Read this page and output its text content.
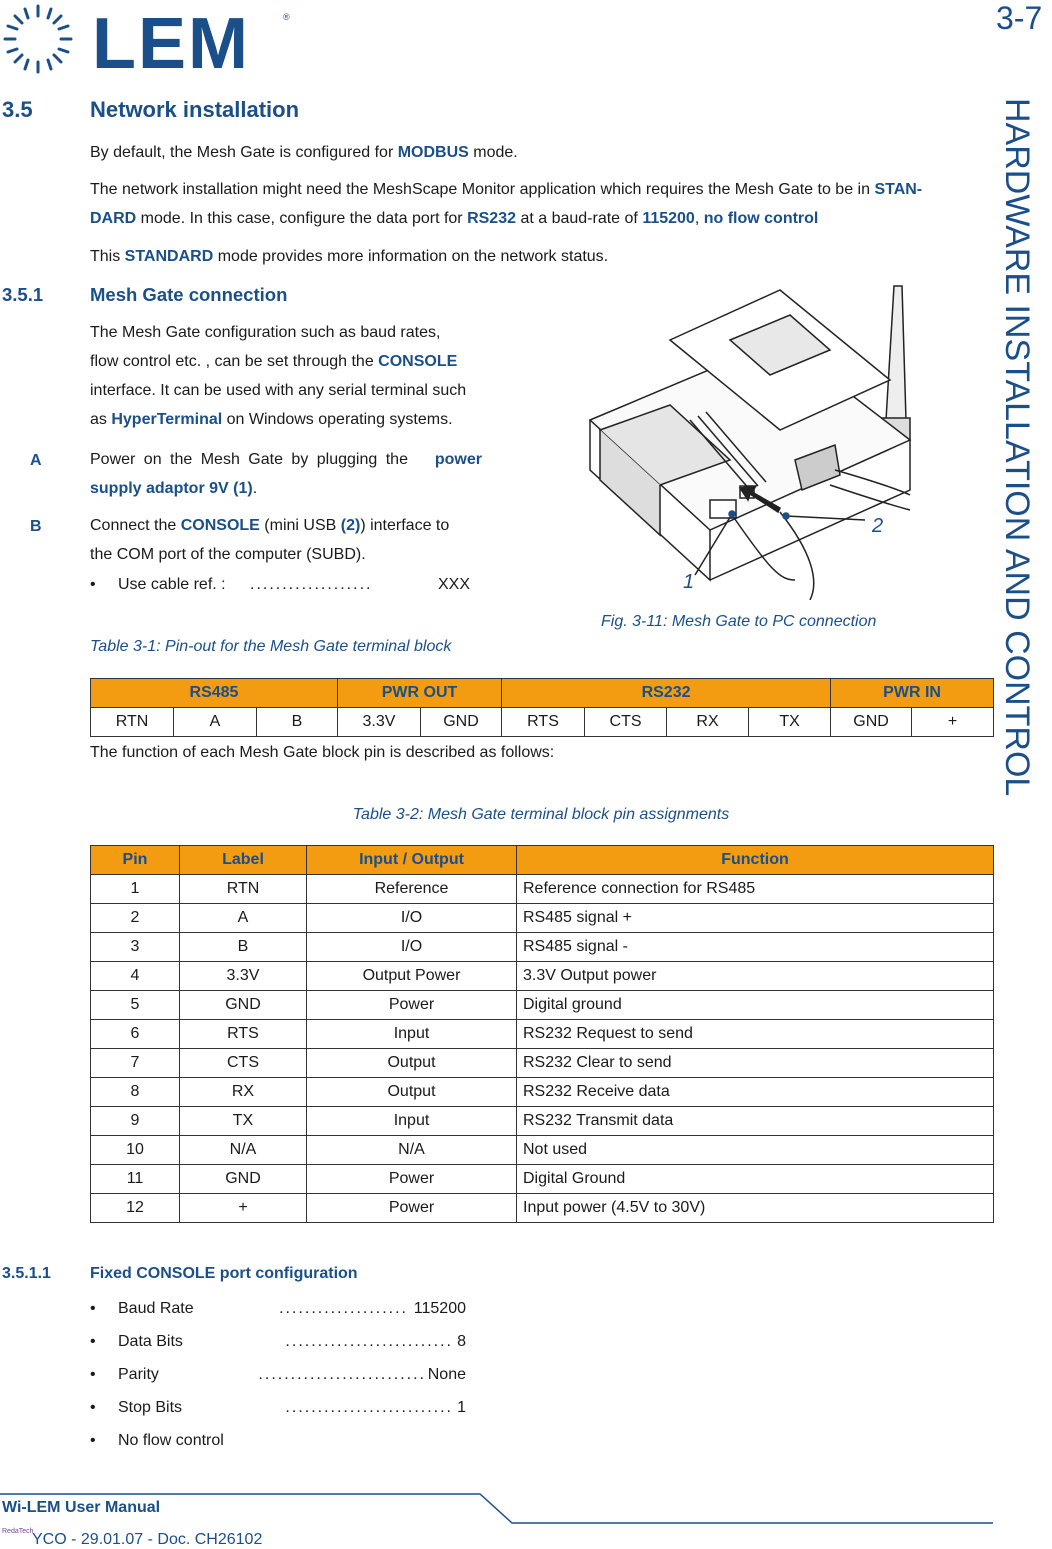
LEM	®	3-7
HARDWARE INSTALLATION AND CONTROL
3.5	Network installation
By default, the Mesh Gate is configured for MODBUS mode.
The network installation might need the MeshScape Monitor application which requires the Mesh Gate to be in STAN-
DARD mode. In this case, configure the data port for RS232 at a baud-rate of 115200, no flow control
This STANDARD mode provides more information on the network status.
3.5.1	Mesh Gate connection
The Mesh Gate configuration such as baud rates,
flow control etc. , can be set through the CONSOLE
interface. It can be used with any serial terminal such
as HyperTerminal on Windows operating systems.
A	Power on the Mesh Gate by plugging the power
supply adaptor 9V (1).
B	Connect the CONSOLE (mini USB (2)) interface to
the COM port of the computer (SUBD).
• Use cable ref. : ...................	XXX	1
2
Fig. 3-11: Mesh Gate to PC connection
Table 3-1: Pin-out for the Mesh Gate terminal block
RS485			PWR OUT		RS232				PWR IN	
RTN	A	B	3.3V	GND	RTS	CTS	RX	TX	GND	+
The function of each Mesh Gate block pin is described as follows:
Table 3-2: Mesh Gate terminal block pin assignments
Pin	Label	Input / Output	Function
1	RTN	Reference	Reference connection for RS485
2	A	I/O	RS485 signal +
3	B	I/O	RS485 signal -
4	3.3V	Output Power	3.3V Output power
5	GND	Power	Digital ground
6	RTS	Input	RS232 Request to send
7	CTS	Output	RS232 Clear to send
8	RX	Output	RS232 Receive data
9	TX	Input	RS232 Transmit data
10	N/A	N/A	Not used
11	GND	Power	Digital Ground
12	+	Power	Input power (4.5V to 30V)
3.5.1.1 Fixed CONSOLE port configuration
•	....................
Baud Rate	115200
•	..........................
Data Bits	8
•	..........................
Parity	None
•	..........................
Stop Bits	1
• No flow control
Wi-LEM User Manual
RedaTech
YCO - 29.01.07 - Doc. CH26102
